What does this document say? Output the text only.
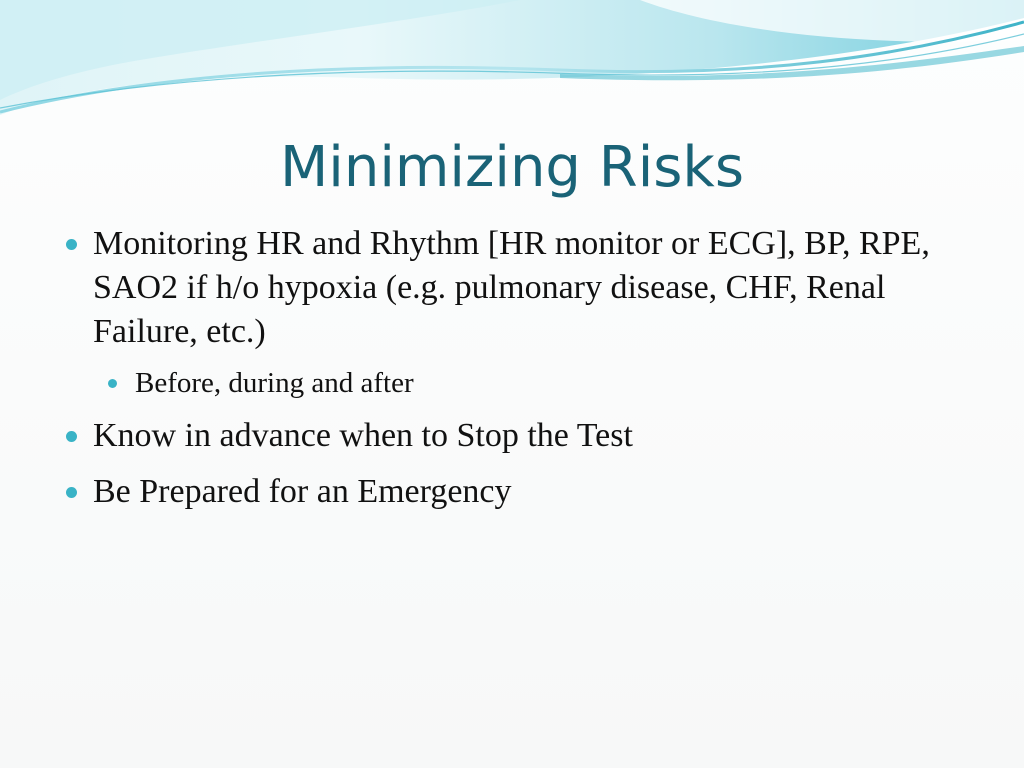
Minimizing Risks
Monitoring HR and Rhythm [HR monitor or ECG], BP, RPE, SAO2 if h/o hypoxia (e.g. pulmonary disease, CHF, Renal Failure, etc.)
Before, during and after
Know in advance when to Stop the Test
Be Prepared for an Emergency
